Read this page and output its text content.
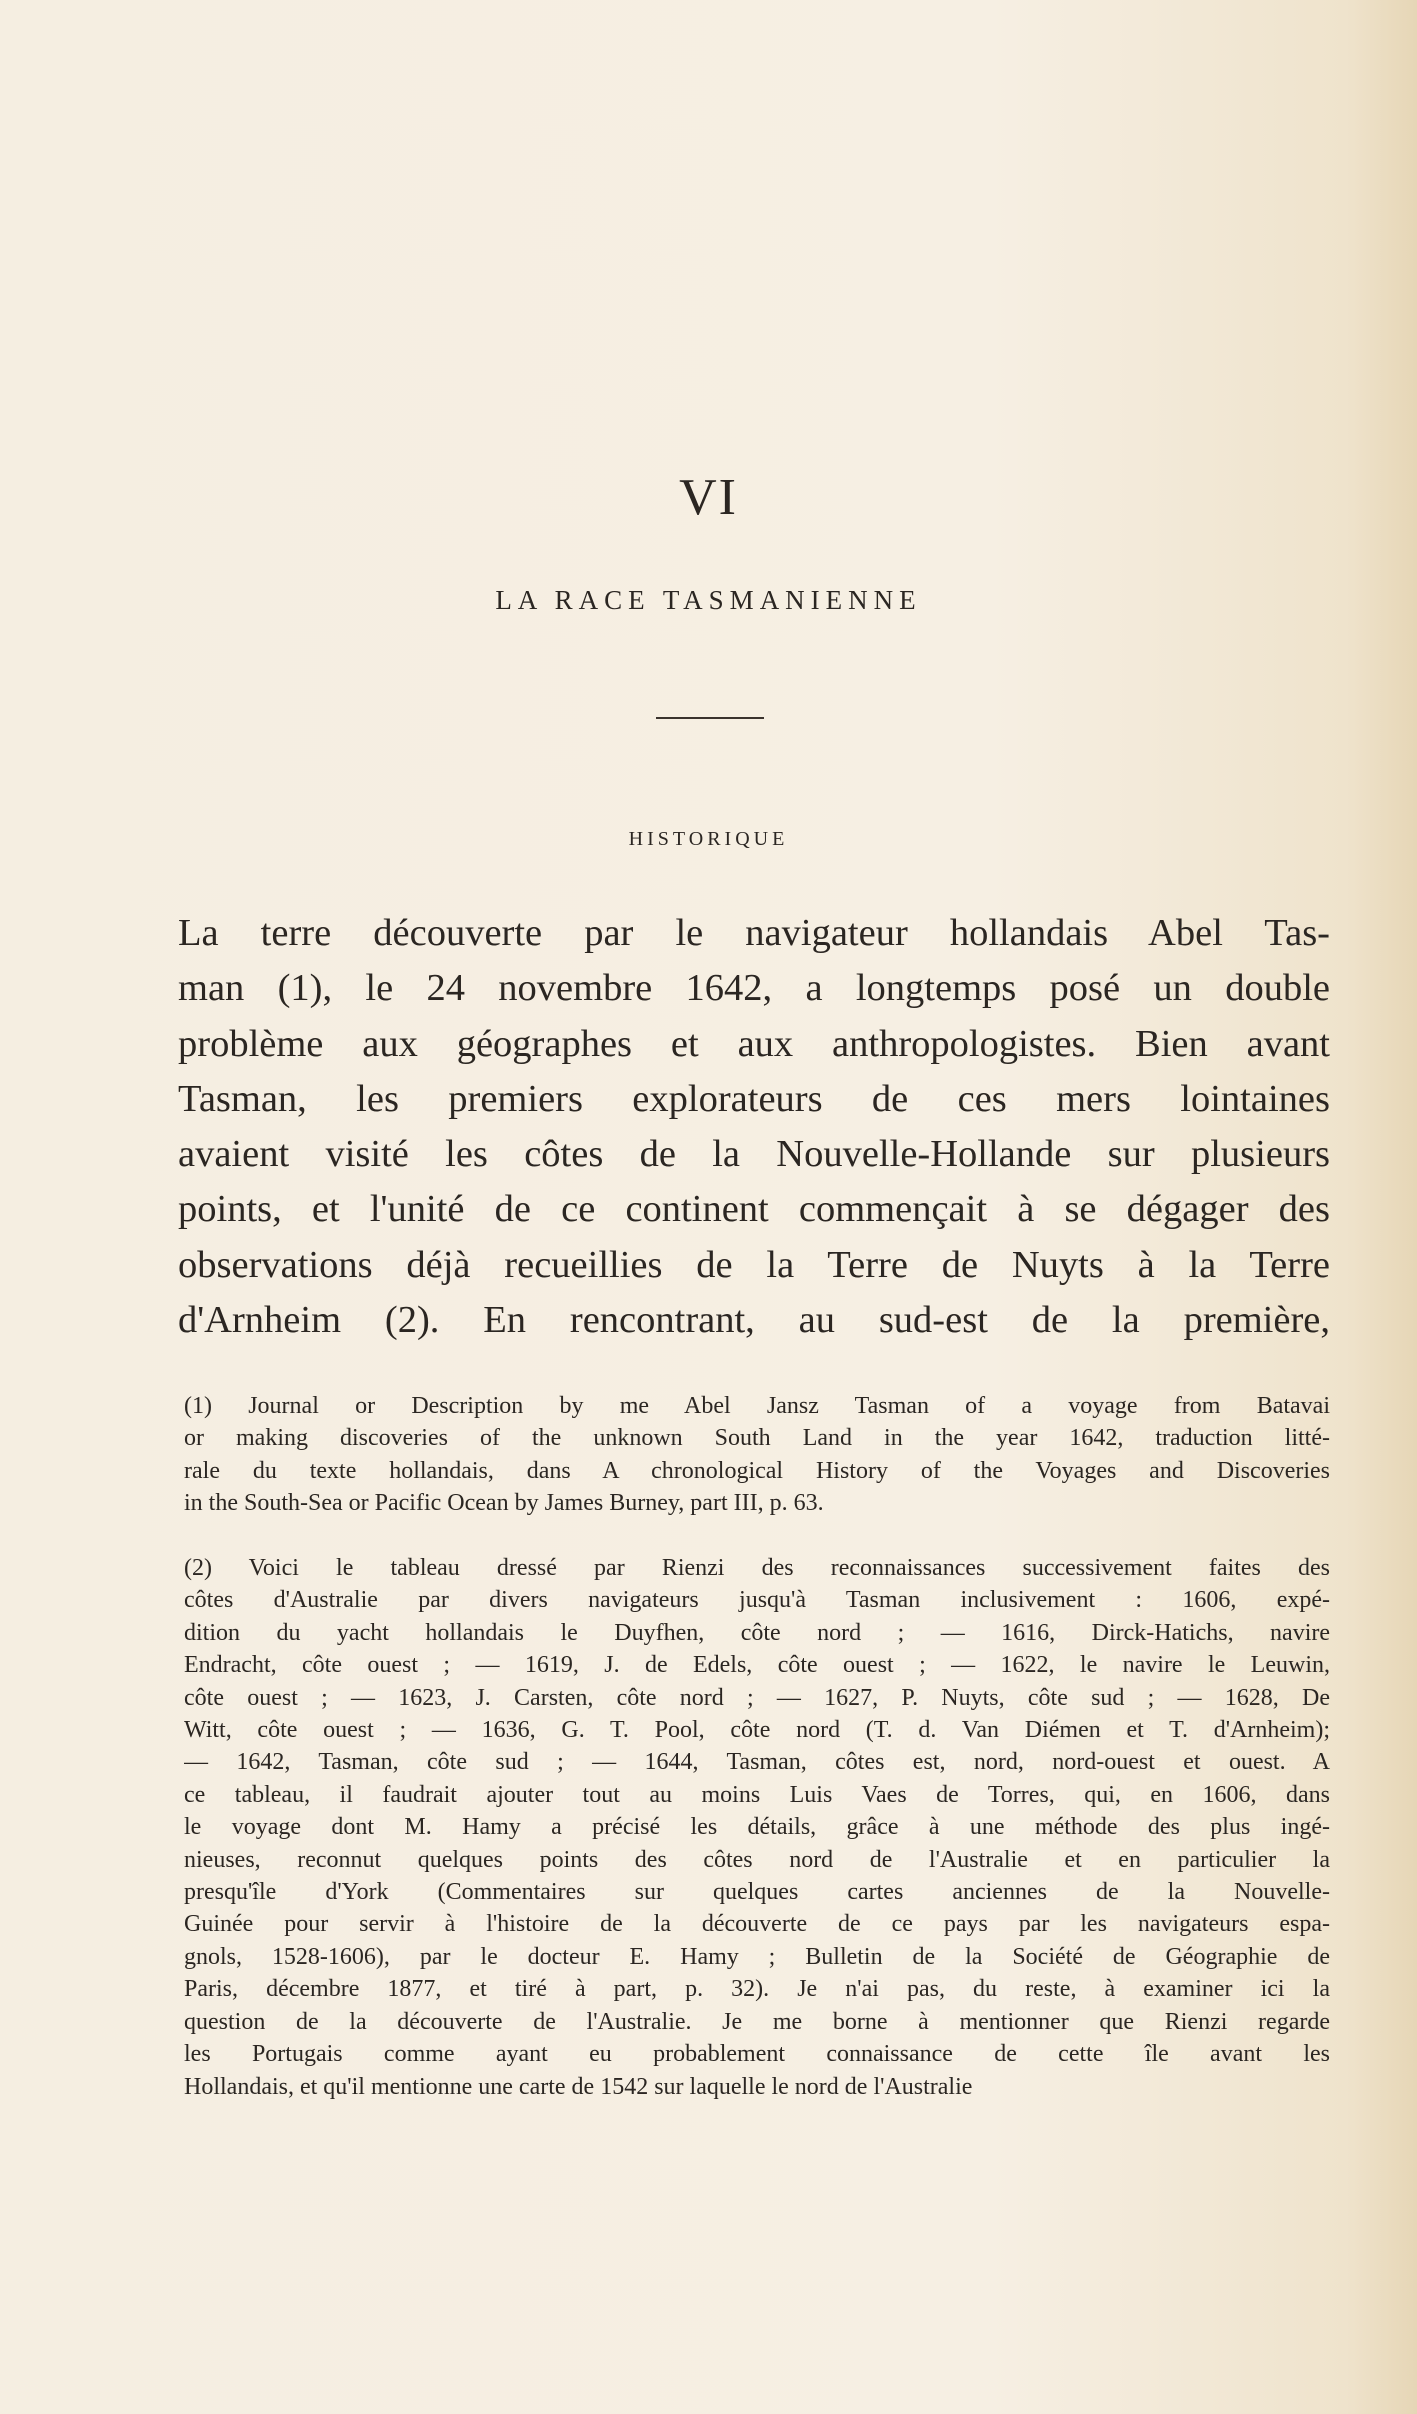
VI
LA RACE TASMANIENNE
HISTORIQUE
La terre découverte par le navigateur hollandais Abel Tas-
man (1), le 24 novembre 1642, a longtemps posé un double
problème aux géographes et aux anthropologistes. Bien avant
Tasman, les premiers explorateurs de ces mers lointaines
avaient visité les côtes de la Nouvelle-Hollande sur plusieurs
points, et l'unité de ce continent commençait à se dégager des
observations déjà recueillies de la Terre de Nuyts à la Terre
d'Arnheim (2). En rencontrant, au sud-est de la première,
(1) Journal or Description by me Abel Jansz Tasman of a voyage from Batavai
or making discoveries of the unknown South Land in the year 1642, traduction litté-
rale du texte hollandais, dans A chronological History of the Voyages and Discoveries
in the South-Sea or Pacific Ocean by James Burney, part III, p. 63.
(2) Voici le tableau dressé par Rienzi des reconnaissances successivement faites des
côtes d'Australie par divers navigateurs jusqu'à Tasman inclusivement : 1606, expé-
dition du yacht hollandais le Duyfhen, côte nord ; — 1616, Dirck-Hatichs, navire
Endracht, côte ouest ; — 1619, J. de Edels, côte ouest ; — 1622, le navire le Leuwin,
côte ouest ; — 1623, J. Carsten, côte nord ; — 1627, P. Nuyts, côte sud ; — 1628, De
Witt, côte ouest ; — 1636, G. T. Pool, côte nord (T. d. Van Diémen et T. d'Arnheim);
— 1642, Tasman, côte sud ; — 1644, Tasman, côtes est, nord, nord-ouest et ouest. A
ce tableau, il faudrait ajouter tout au moins Luis Vaes de Torres, qui, en 1606, dans
le voyage dont M. Hamy a précisé les détails, grâce à une méthode des plus ingé-
nieuses, reconnut quelques points des côtes nord de l'Australie et en particulier la
presqu'île d'York (Commentaires sur quelques cartes anciennes de la Nouvelle-
Guinée pour servir à l'histoire de la découverte de ce pays par les navigateurs espa-
gnols, 1528-1606), par le docteur E. Hamy ; Bulletin de la Société de Géographie de
Paris, décembre 1877, et tiré à part, p. 32). Je n'ai pas, du reste, à examiner ici la
question de la découverte de l'Australie. Je me borne à mentionner que Rienzi regarde
les Portugais comme ayant eu probablement connaissance de cette île avant les
Hollandais, et qu'il mentionne une carte de 1542 sur laquelle le nord de l'Australie
